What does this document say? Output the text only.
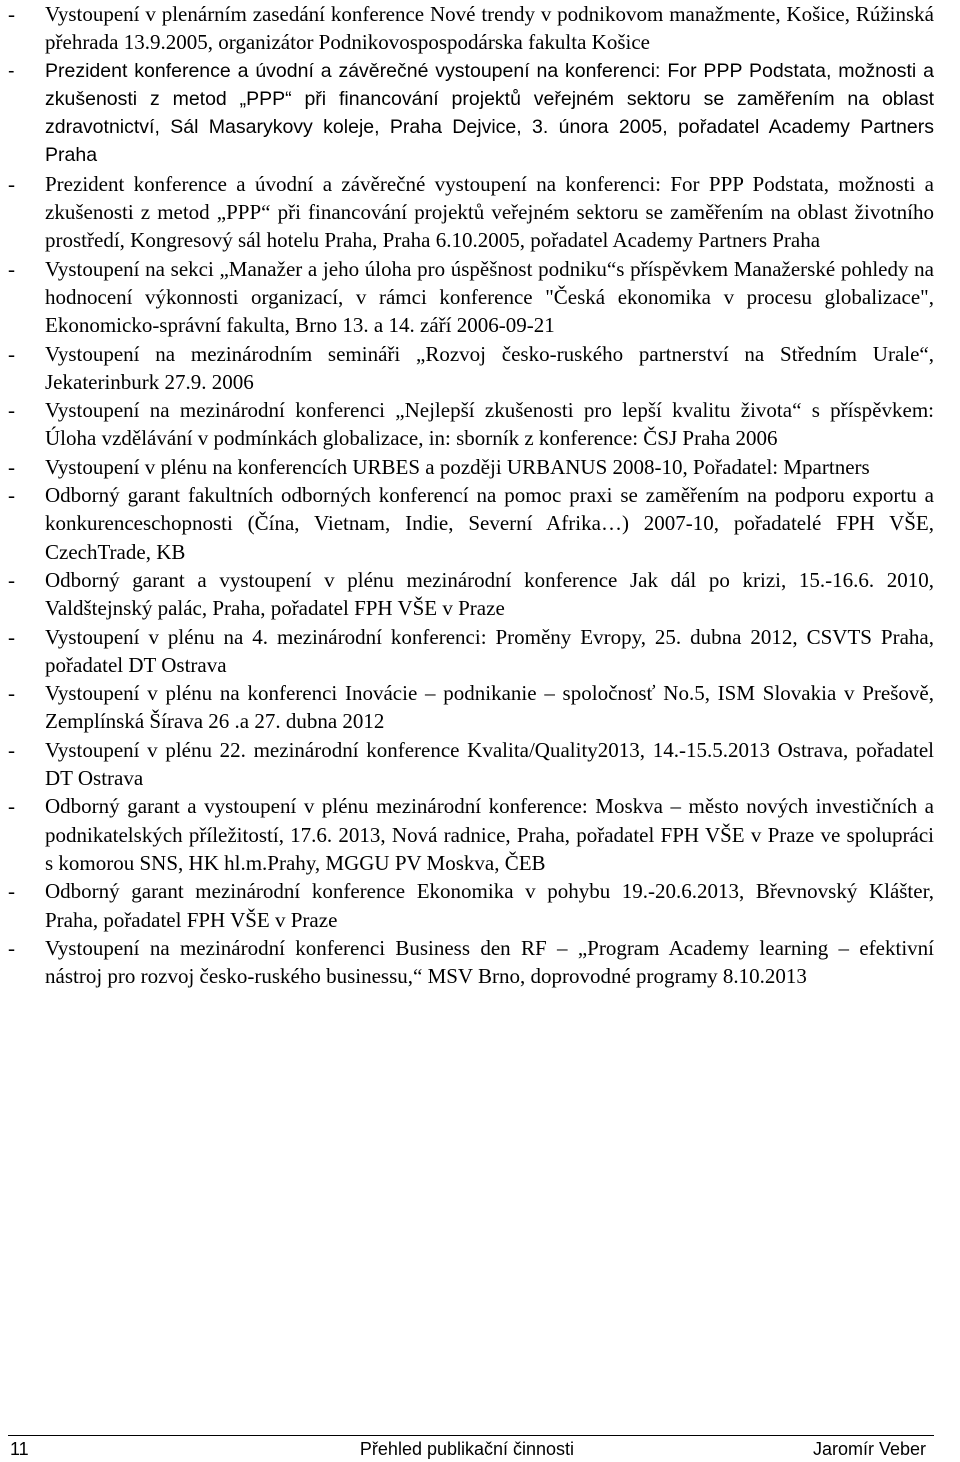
- Vystoupení v plenárním zasedání konference Nové trendy v podnikovom manažmente, Košice, Rúžinská přehrada 13.9.2005, organizátor Podnikovospospodárska fakulta Košice
- Prezident konference a úvodní a závěrečné vystoupení na konferenci: For PPP Podstata, možnosti a zkušenosti z metod „PPP“ při financování projektů veřejném sektoru se zaměřením na oblast zdravotnictví, Sál Masarykovy koleje, Praha Dejvice, 3. února 2005, pořadatel Academy Partners Praha
- Prezident konference a úvodní a závěrečné vystoupení na konferenci: For PPP Podstata, možnosti a zkušenosti z metod „PPP“ při financování projektů veřejném sektoru se zaměřením na oblast životního prostředí, Kongresový sál hotelu Praha, Praha 6.10.2005, pořadatel Academy Partners Praha
- Vystoupení na sekci „Manažer a jeho úloha pro úspěšnost podniku“s příspěvkem Manažerské pohledy na hodnocení výkonnosti organizací, v rámci konference "Česká ekonomika v procesu globalizace", Ekonomicko-správní fakulta, Brno 13. a 14. září 2006-09-21
- Vystoupení na mezinárodním semináři „Rozvoj česko-ruského partnerství na Středním Urale“, Jekaterinburk 27.9. 2006
- Vystoupení na mezinárodní konferenci „Nejlepší zkušenosti pro lepší kvalitu života“ s příspěvkem: Úloha vzdělávání v podmínkách globalizace, in: sborník z konference: ČSJ Praha 2006
- Vystoupení v plénu na konferencích URBES a později URBANUS 2008-10, Pořadatel: Mpartners
- Odborný garant fakultních odborných konferencí na pomoc praxi se zaměřením na podporu exportu a konkurenceschopnosti (Čína, Vietnam, Indie, Severní Afrika…) 2007-10, pořadatelé FPH VŠE, CzechTrade, KB
- Odborný garant a vystoupení v plénu mezinárodní konference Jak dál po krizi, 15.-16.6. 2010, Valdštejnský palác, Praha, pořadatel FPH VŠE v Praze
- Vystoupení v plénu na 4. mezinárodní konferenci: Proměny Evropy, 25. dubna 2012, CSVTS Praha, pořadatel DT Ostrava
- Vystoupení v plénu na konferenci Inovácie – podnikanie – spoločnosť No.5, ISM Slovakia v Prešově, Zemplínská Šírava 26 .a 27. dubna 2012
- Vystoupení v plénu 22. mezinárodní konference Kvalita/Quality2013, 14.-15.5.2013 Ostrava, pořadatel DT Ostrava
- Odborný garant a vystoupení v plénu mezinárodní konference: Moskva – město nových investičních a podnikatelských příležitostí, 17.6. 2013, Nová radnice, Praha, pořadatel FPH VŠE v Praze ve spolupráci s komorou SNS, HK hl.m.Prahy, MGGU PV Moskva, ČEB
- Odborný garant mezinárodní konference Ekonomika v pohybu 19.-20.6.2013, Břevnovský Klášter, Praha, pořadatel FPH VŠE v Praze
- Vystoupení na mezinárodní konferenci Business den RF – „Program Academy learning – efektivní nástroj pro rozvoj česko-ruského businessu,“ MSV Brno, doprovodné programy 8.10.2013
11	Přehled publikační činnosti	Jaromír Veber
